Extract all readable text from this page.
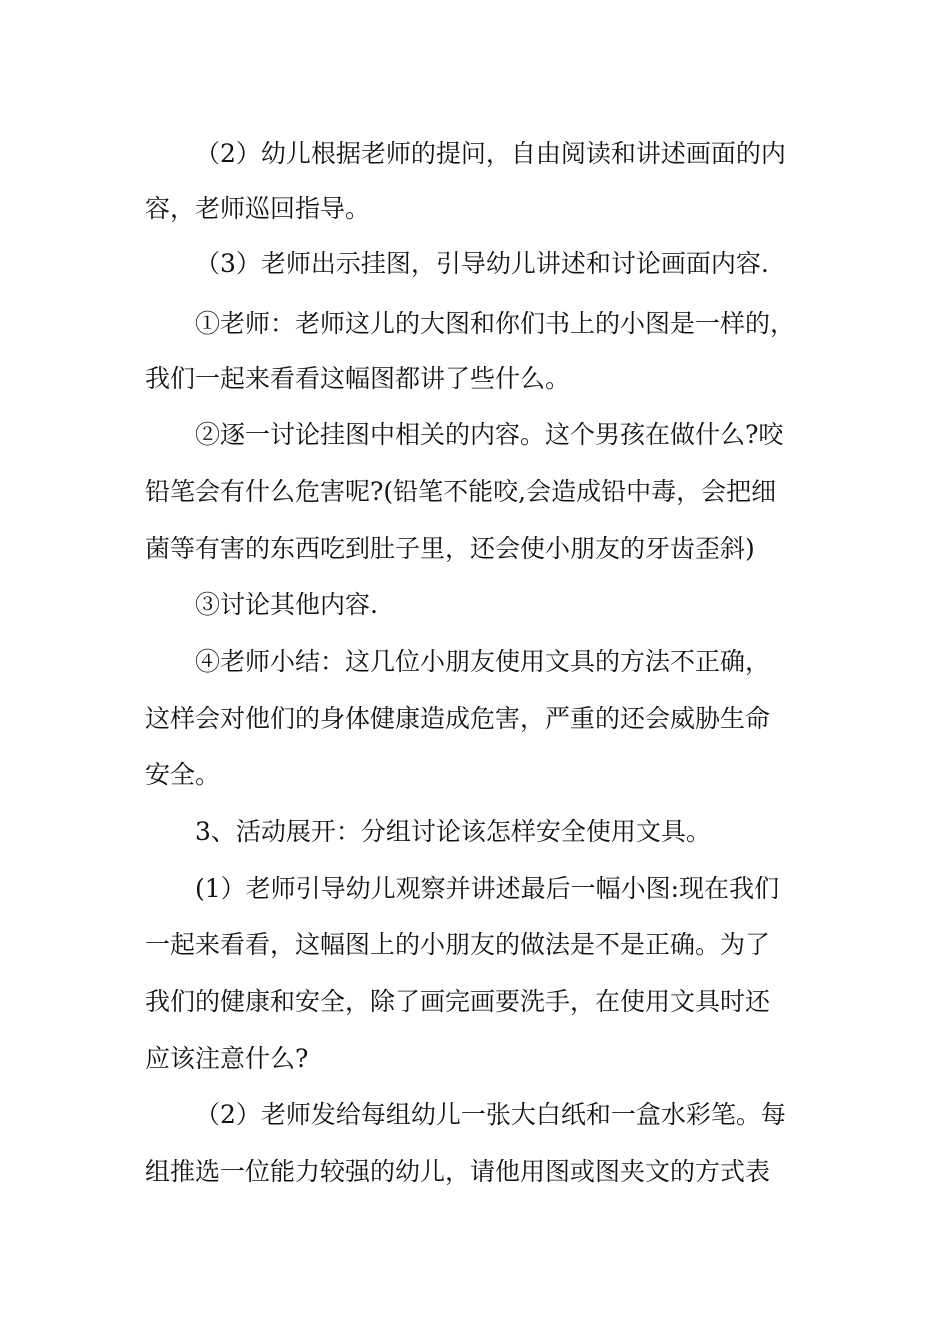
（2）幼儿根据老师的提问，自由阅读和讲述画面的内

容，老师巡回指导。

（3）老师出示挂图，引导幼儿讲述和讨论画面内容.

①老师：老师这儿的大图和你们书上的小图是一样的，

我们一起来看看这幅图都讲了些什么。

②逐一讨论挂图中相关的内容。这个男孩在做什么?咬

铅笔会有什么危害呢?(铅笔不能咬,会造成铅中毒，会把细

菌等有害的东西吃到肚子里，还会使小朋友的牙齿歪斜)

③讨论其他内容.

④老师小结：这几位小朋友使用文具的方法不正确，

这样会对他们的身体健康造成危害，严重的还会威胁生命

安全。

3、活动展开：分组讨论该怎样安全使用文具。

(1）老师引导幼儿观察并讲述最后一幅小图:现在我们

一起来看看，这幅图上的小朋友的做法是不是正确。为了

我们的健康和安全，除了画完画要洗手，在使用文具时还

应该注意什么?

（2）老师发给每组幼儿一张大白纸和一盒水彩笔。每

组推选一位能力较强的幼儿，请他用图或图夹文的方式表
